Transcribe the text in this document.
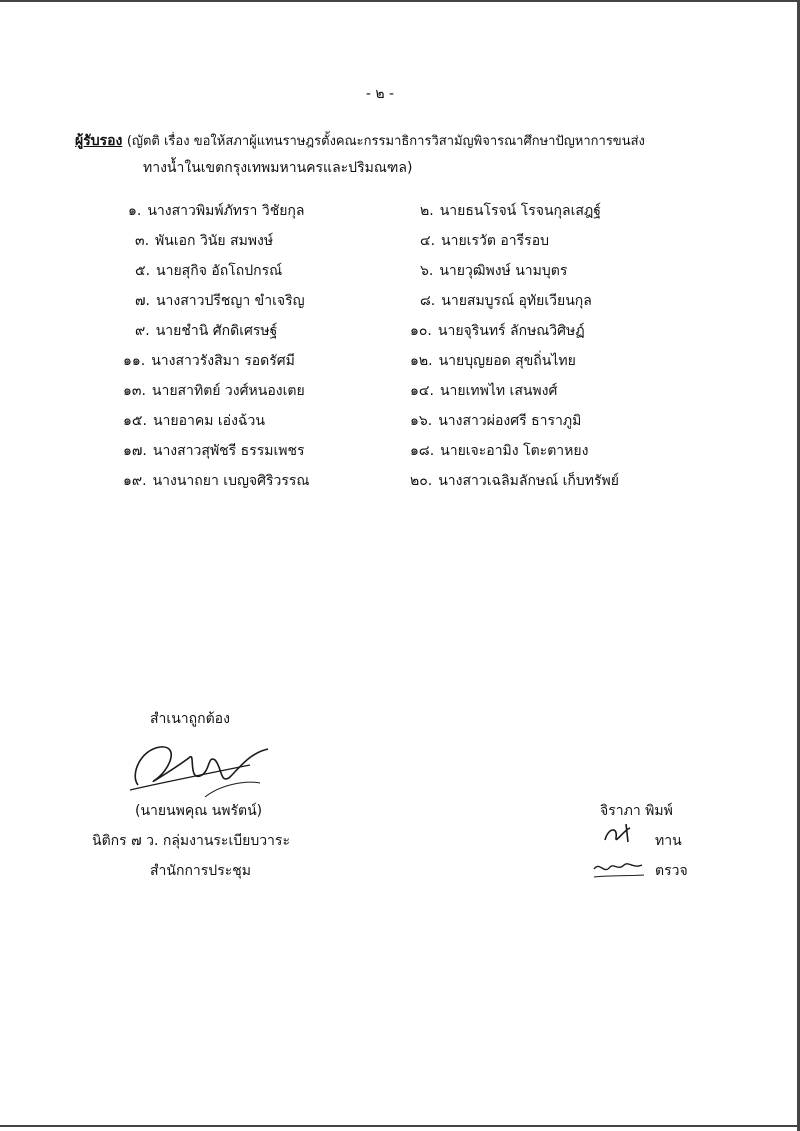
- ๒ -
ผู้รับรอง (ญัตติ เรื่อง ขอให้สภาผู้แทนราษฎรตั้งคณะกรรมาธิการวิสามัญพิจารณาศึกษาปัญหาการขนส่ง
ทางน้ำในเขตกรุงเทพมหานครและปริมณฑล)
๑. นางสาวพิมพ์ภัทรา วิชัยกุล	๒. นายธนโรจน์ โรจนกุลเสฎฐ์
๓. พันเอก วินัย สมพงษ์	๔. นายเรวัต อารีรอบ
๕. นายสุกิจ อัถโถปกรณ์	๖. นายวุฒิพงษ์ นามบุตร
๗. นางสาวปรีชญา ขำเจริญ	๘. นายสมบูรณ์ อุทัยเวียนกุล
๙. นายชำนิ ศักดิเศรษฐ์	๑๐. นายจุรินทร์ ลักษณวิศิษฏ์
๑๑. นางสาวรังสิมา รอดรัศมี	๑๒. นายบุญยอด สุขถิ่นไทย
๑๓. นายสาทิตย์ วงศ์หนองเตย	๑๔. นายเทพไท เสนพงศ์
๑๕. นายอาคม เอ่งฉ้วน	๑๖. นางสาวผ่องศรี ธาราภูมิ
๑๗. นางสาวสุพัชรี ธรรมเพชร	๑๘. นายเจะอามิง โตะตาหยง
๑๙. นางนาถยา เบญจศิริวรรณ	๒๐. นางสาวเฉลิมลักษณ์ เก็บทรัพย์
สำเนาถูกต้อง
(นายนพคุณ นพรัตน์)
นิติกร ๗ ว. กลุ่มงานระเบียบวาระ
สำนักการประชุม
จิราภา พิมพ์
ทาน
ตรวจ
